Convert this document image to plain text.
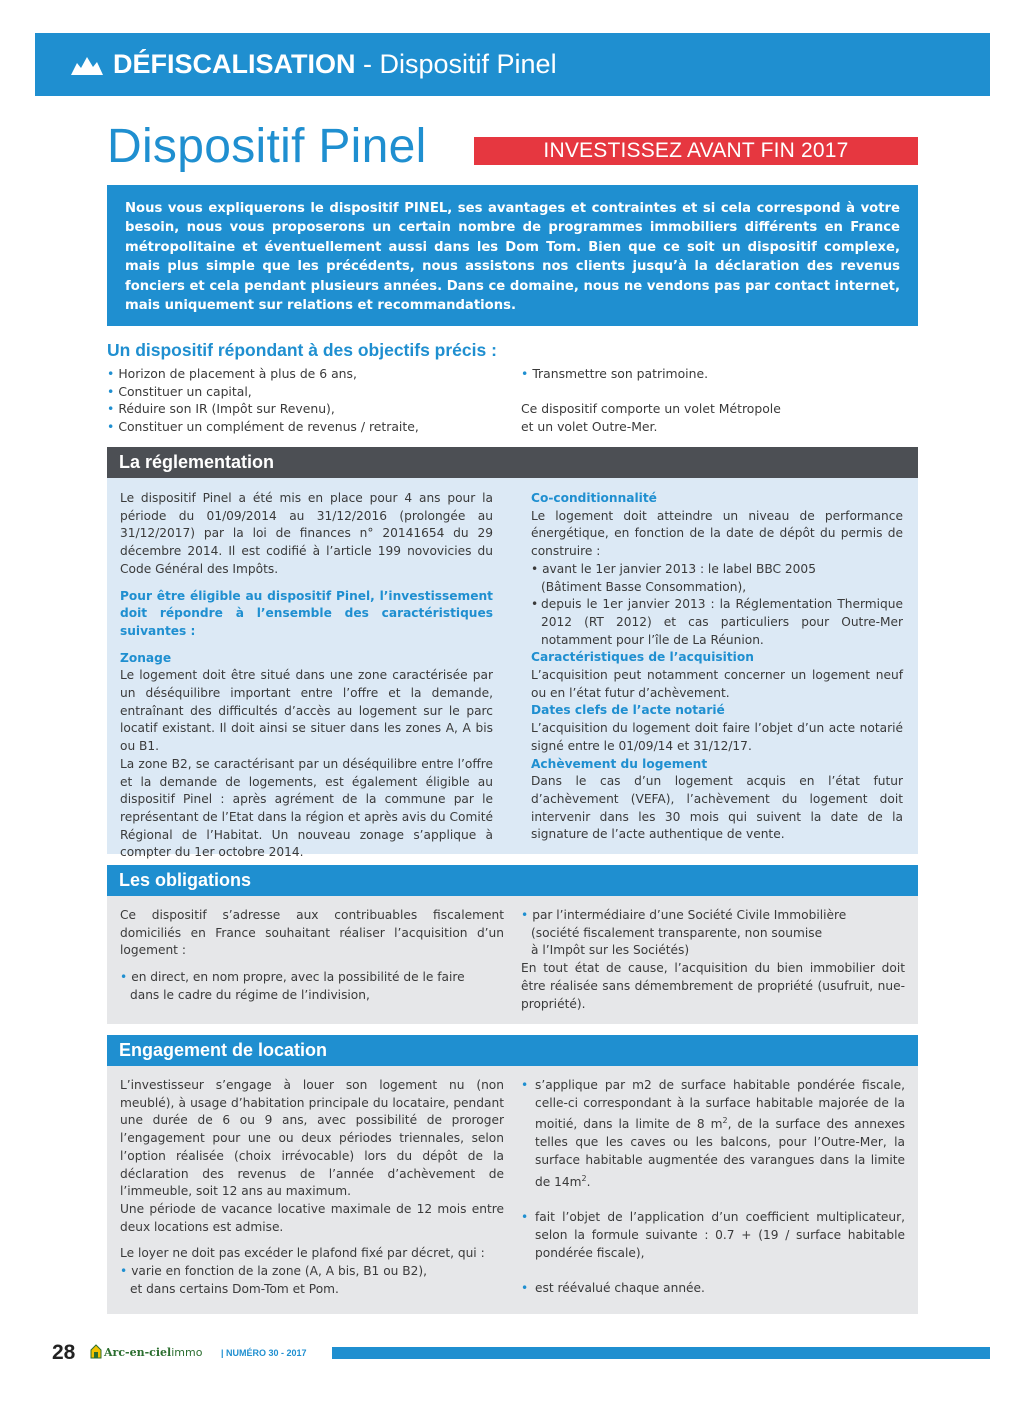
DÉFISCALISATION - Dispositif Pinel
Dispositif Pinel	INVESTISSEZ AVANT FIN 2017
Nous vous expliquerons le dispositif PINEL, ses avantages et contraintes et si cela correspond à votre besoin, nous vous proposerons un certain nombre de programmes immobiliers différents en France métropolitaine et éventuellement aussi dans les Dom Tom. Bien que ce soit un dispositif complexe, mais plus simple que les précédents, nous assistons nos clients jusqu’à la déclaration des revenus fonciers et cela pendant plusieurs années. Dans ce domaine, nous ne vendons pas par contact internet, mais uniquement sur relations et recommandations.
Un dispositif répondant à des objectifs précis :
• Horizon de placement à plus de 6 ans,
• Constituer un capital,
• Réduire son IR (Impôt sur Revenu),
• Constituer un complément de revenus / retraite,
• Transmettre son patrimoine.
Ce dispositif comporte un volet Métropole
et un volet Outre-Mer.
La réglementation
Le dispositif Pinel a été mis en place pour 4 ans pour la période du 01/09/2014 au 31/12/2016 (prolongée au 31/12/2017) par la loi de finances n° 20141654 du 29 décembre 2014. Il est codifié à l’article 199 novovicies du Code Général des Impôts.
Pour être éligible au dispositif Pinel, l’investissement doit répondre à l’ensemble des caractéristiques suivantes :
Zonage
Le logement doit être situé dans une zone caractérisée par un déséquilibre important entre l’offre et la demande, entraînant des difficultés d’accès au logement sur le parc locatif existant. Il doit ainsi se situer dans les zones A, A bis ou B1.
La zone B2, se caractérisant par un déséquilibre entre l’offre et la demande de logements, est également éligible au dispositif Pinel : après agrément de la commune par le représentant de l’Etat dans la région et après avis du Comité Régional de l’Habitat. Un nouveau zonage s’applique à compter du 1er octobre 2014.
Co-conditionnalité
Le logement doit atteindre un niveau de performance énergétique, en fonction de la date de dépôt du permis de construire :
• avant le 1er janvier 2013 : le label BBC 2005
(Bâtiment Basse Consommation),
• depuis le 1er janvier 2013 : la Réglementation Thermique 2012 (RT 2012) et cas particuliers pour Outre-Mer notamment pour l’île de La Réunion.
Caractéristiques de l’acquisition
L’acquisition peut notamment concerner un logement neuf ou en l’état futur d’achèvement.
Dates clefs de l’acte notarié
L’acquisition du logement doit faire l’objet d’un acte notarié signé entre le 01/09/14 et 31/12/17.
Achèvement du logement
Dans le cas d’un logement acquis en l’état futur d’achèvement (VEFA), l’achèvement du logement doit intervenir dans les 30 mois qui suivent la date de la signature de l’acte authentique de vente.
Les obligations
Ce dispositif s’adresse aux contribuables fiscalement domiciliés en France souhaitant réaliser l’acquisition d’un logement :
• en direct, en nom propre, avec la possibilité de le faire
dans le cadre du régime de l’indivision,
• par l’intermédiaire d’une Société Civile Immobilière
(société fiscalement transparente, non soumise
à l’Impôt sur les Sociétés)
En tout état de cause, l’acquisition du bien immobilier doit être réalisée sans démembrement de propriété (usufruit, nue-propriété).
Engagement de location
L’investisseur s’engage à louer son logement nu (non meublé), à usage d’habitation principale du locataire, pendant une durée de 6 ou 9 ans, avec possibilité de proroger l’engagement pour une ou deux périodes triennales, selon l’option réalisée (choix irrévocable) lors du dépôt de la déclaration des revenus de l’année d’achèvement de l’immeuble, soit 12 ans au maximum.
Une période de vacance locative maximale de 12 mois entre deux locations est admise.
Le loyer ne doit pas excéder le plafond fixé par décret, qui :
• varie en fonction de la zone (A, A bis, B1 ou B2),
et dans certains Dom-Tom et Pom.
• s’applique par m2 de surface habitable pondérée fiscale, celle-ci correspondant à la surface habitable majorée de la moitié, dans la limite de 8 $m^2$, de la surface des annexes telles que les caves ou les balcons, pour l’Outre-Mer, la surface habitable augmentée des varangues dans la limite de $14m^2$.
• fait l’objet de l’application d’un coefficient multiplicateur, selon la formule suivante : 0.7 + (19 / surface habitable pondérée fiscale),
• est réévalué chaque année.
28	Arc-en-cielimmo | NUMÉRO 30 - 2017
